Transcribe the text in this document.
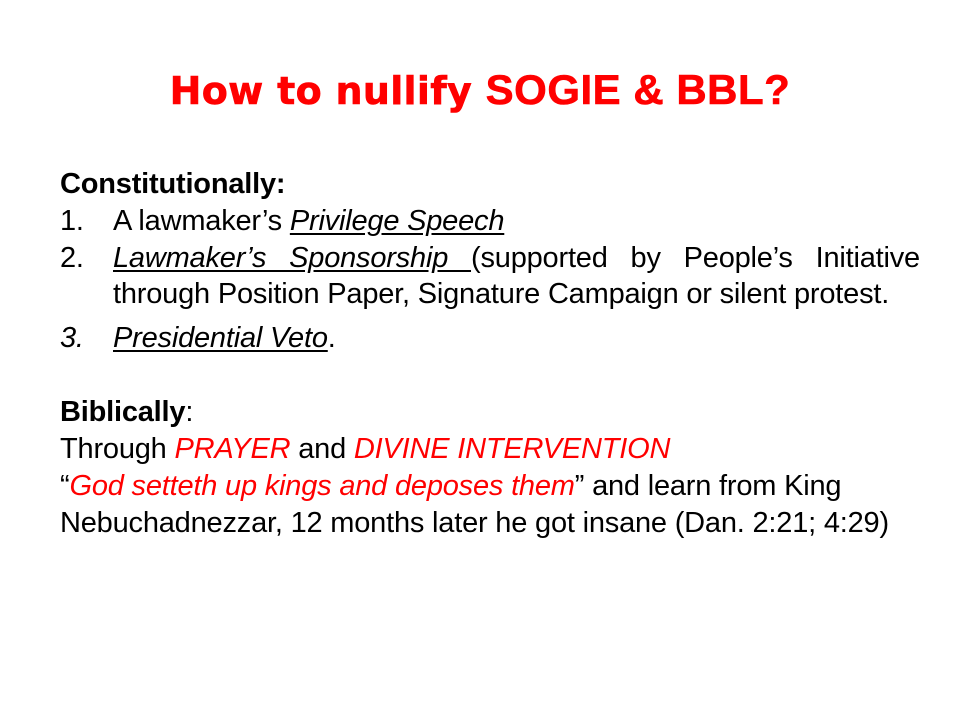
How to nullify SOGIE & BBL?
Constitutionally:
1. A lawmaker’s Privilege Speech
2. Lawmaker’s Sponsorship (supported by People’s Initiative through Position Paper, Signature Campaign or silent protest.
3. Presidential Veto.
Biblically:
Through PRAYER and DIVINE INTERVENTION
“God setteth up kings and deposes them” and learn from King Nebuchadnezzar, 12 months later he got insane (Dan. 2:21; 4:29)
